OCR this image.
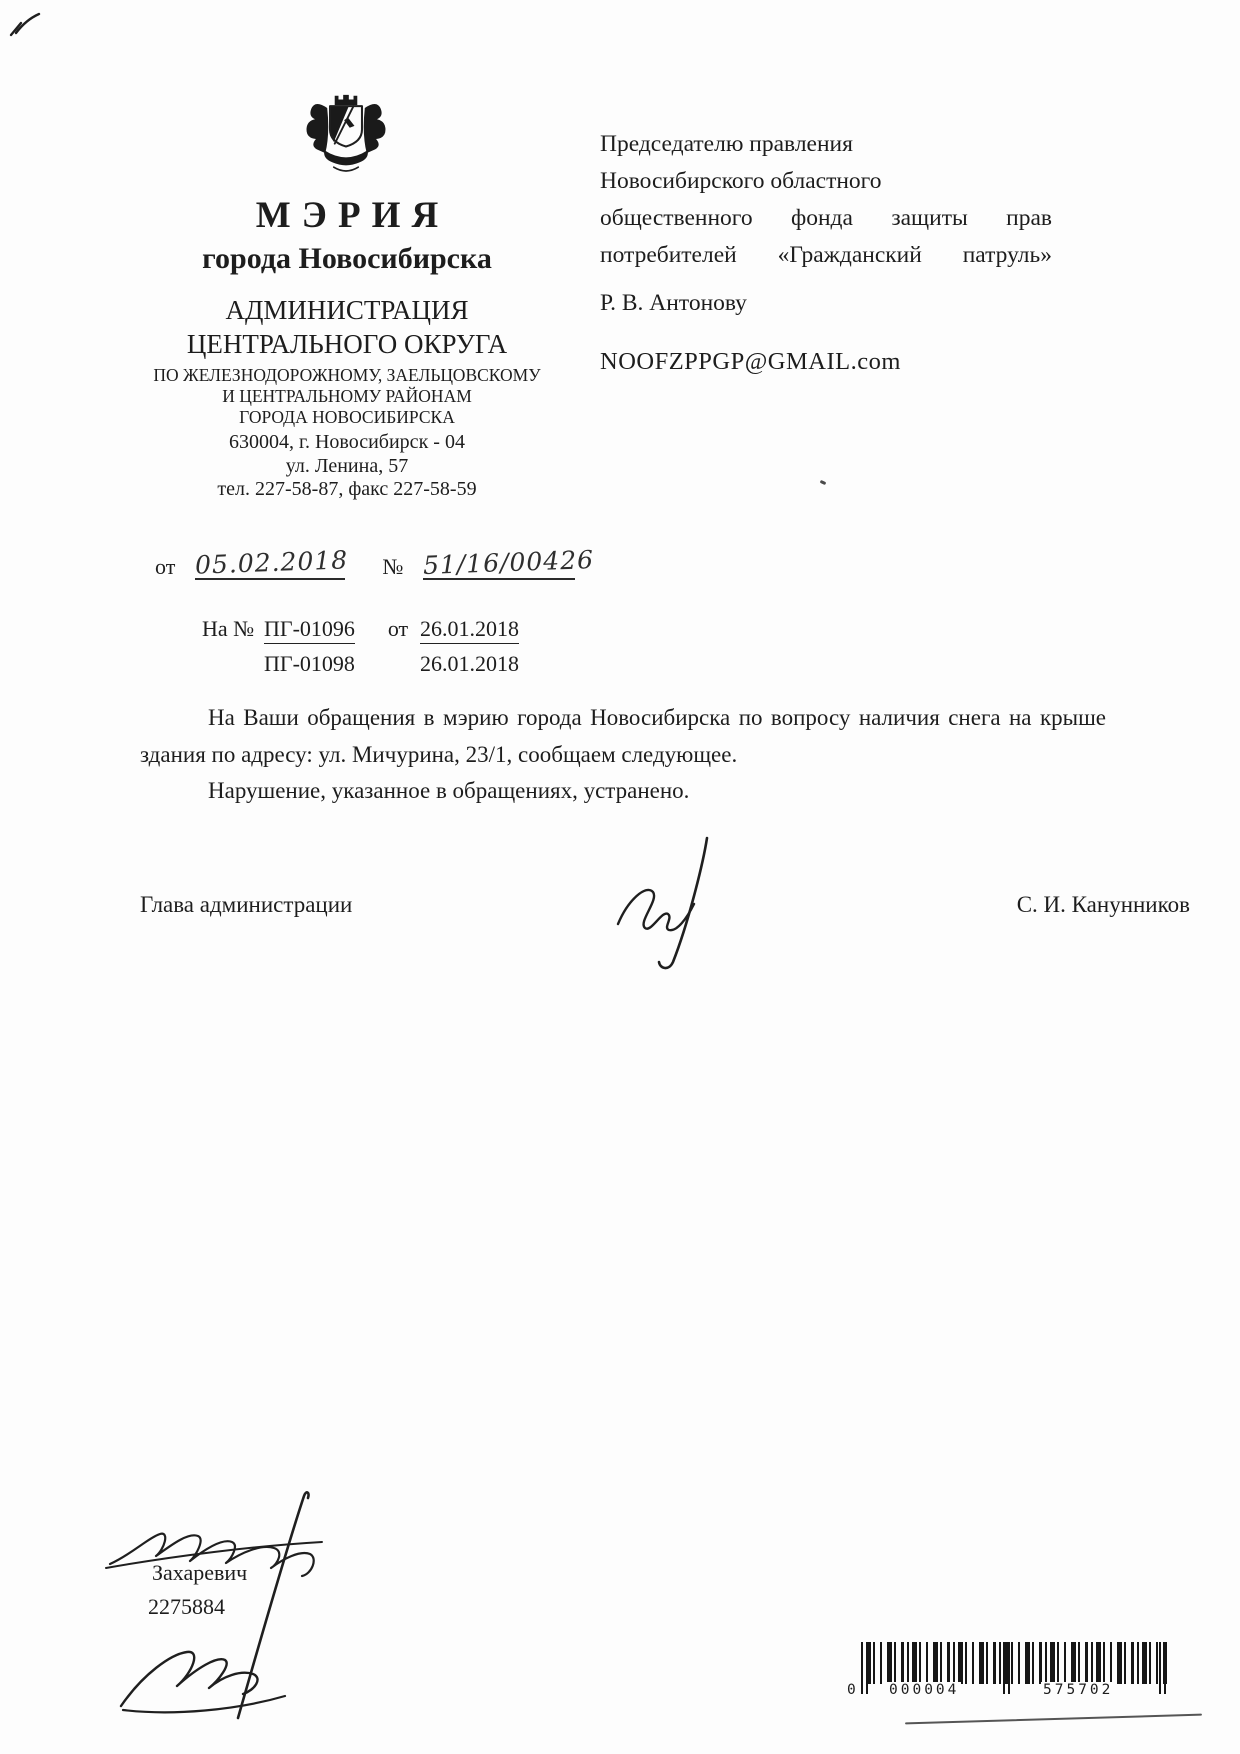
МЭРИЯ
города Новосибирска
АДМИНИСТРАЦИЯ
ЦЕНТРАЛЬНОГО ОКРУГА
ПО ЖЕЛЕЗНОДОРОЖНОМУ, ЗАЕЛЬЦОВСКОМУ
И ЦЕНТРАЛЬНОМУ РАЙОНАМ
ГОРОДА НОВОСИБИРСКА
630004, г. Новосибирск - 04
ул. Ленина, 57
тел. 227-58-87, факс 227-58-59
Председателю правления
Новосибирского областного
общественного фонда защиты прав
потребителей «Гражданский патруль»
Р. В. Антонову
NOOFZPPGP@GMAIL.com
от 05.02.2018 № 51/16/00426
На № ПГ-01096 от 26.01.2018
ПГ-01098	26.01.2018

На Ваши обращения в мэрию города Новосибирска по вопросу наличия снега на крыше здания по адресу: ул. Мичурина, 23/1, сообщаем следующее.

Нарушение, указанное в обращениях, устранено.

Глава администрации	С. И. Канунников
Захаревич
2275884
0 000004	575702
